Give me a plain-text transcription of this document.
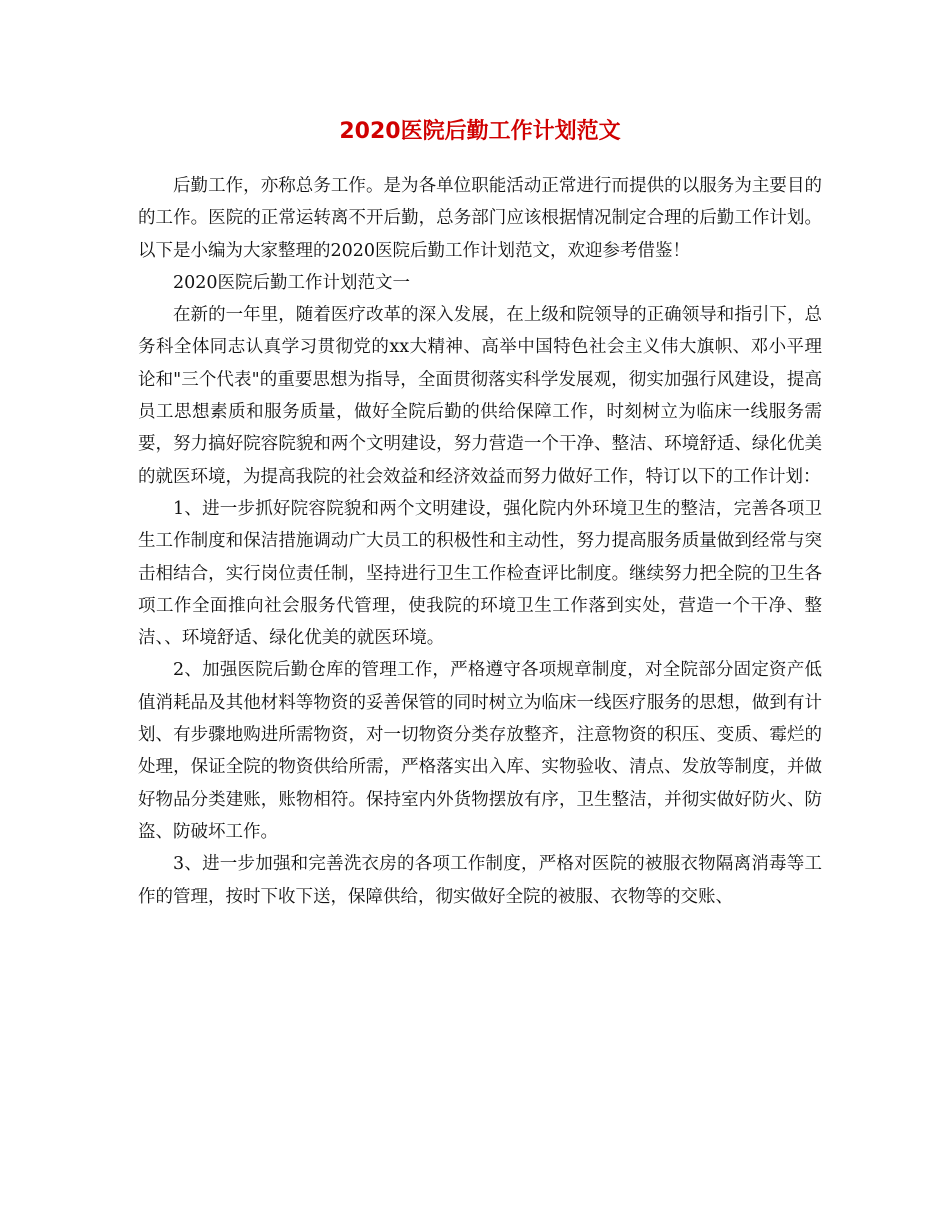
2020医院后勤工作计划范文

后勤工作，亦称总务工作。是为各单位职能活动正常进行而提供的以服务为主要目的的工作。医院的正常运转离不开后勤，总务部门应该根据情况制定合理的后勤工作计划。以下是小编为大家整理的2020医院后勤工作计划范文，欢迎参考借鉴！

2020医院后勤工作计划范文一

在新的一年里，随着医疗改革的深入发展，在上级和院领导的正确领导和指引下，总务科全体同志认真学习贯彻党的xx大精神、高举中国特色社会主义伟大旗帜、邓小平理论和"三个代表"的重要思想为指导，全面贯彻落实科学发展观，彻实加强行风建设，提高员工思想素质和服务质量，做好全院后勤的供给保障工作，时刻树立为临床一线服务需要，努力搞好院容院貌和两个文明建设，努力营造一个干净、整洁、环境舒适、绿化优美的就医环境，为提高我院的社会效益和经济效益而努力做好工作，特订以下的工作计划：

1、进一步抓好院容院貌和两个文明建设，强化院内外环境卫生的整洁，完善各项卫生工作制度和保洁措施调动广大员工的积极性和主动性，努力提高服务质量做到经常与突击相结合，实行岗位责任制，坚持进行卫生工作检查评比制度。继续努力把全院的卫生各项工作全面推向社会服务代管理，使我院的环境卫生工作落到实处，营造一个干净、整洁、、环境舒适、绿化优美的就医环境。

2、加强医院后勤仓库的管理工作，严格遵守各项规章制度，对全院部分固定资产低值消耗品及其他材料等物资的妥善保管的同时树立为临床一线医疗服务的思想，做到有计划、有步骤地购进所需物资，对一切物资分类存放整齐，注意物资的积压、变质、霉烂的处理，保证全院的物资供给所需，严格落实出入库、实物验收、清点、发放等制度，并做好物品分类建账，账物相符。保持室内外货物摆放有序，卫生整洁，并彻实做好防火、防盗、防破坏工作。

3、进一步加强和完善洗衣房的各项工作制度，严格对医院的被服衣物隔离消毒等工作的管理，按时下收下送，保障供给，彻实做好全院的被服、衣物等的交账、
